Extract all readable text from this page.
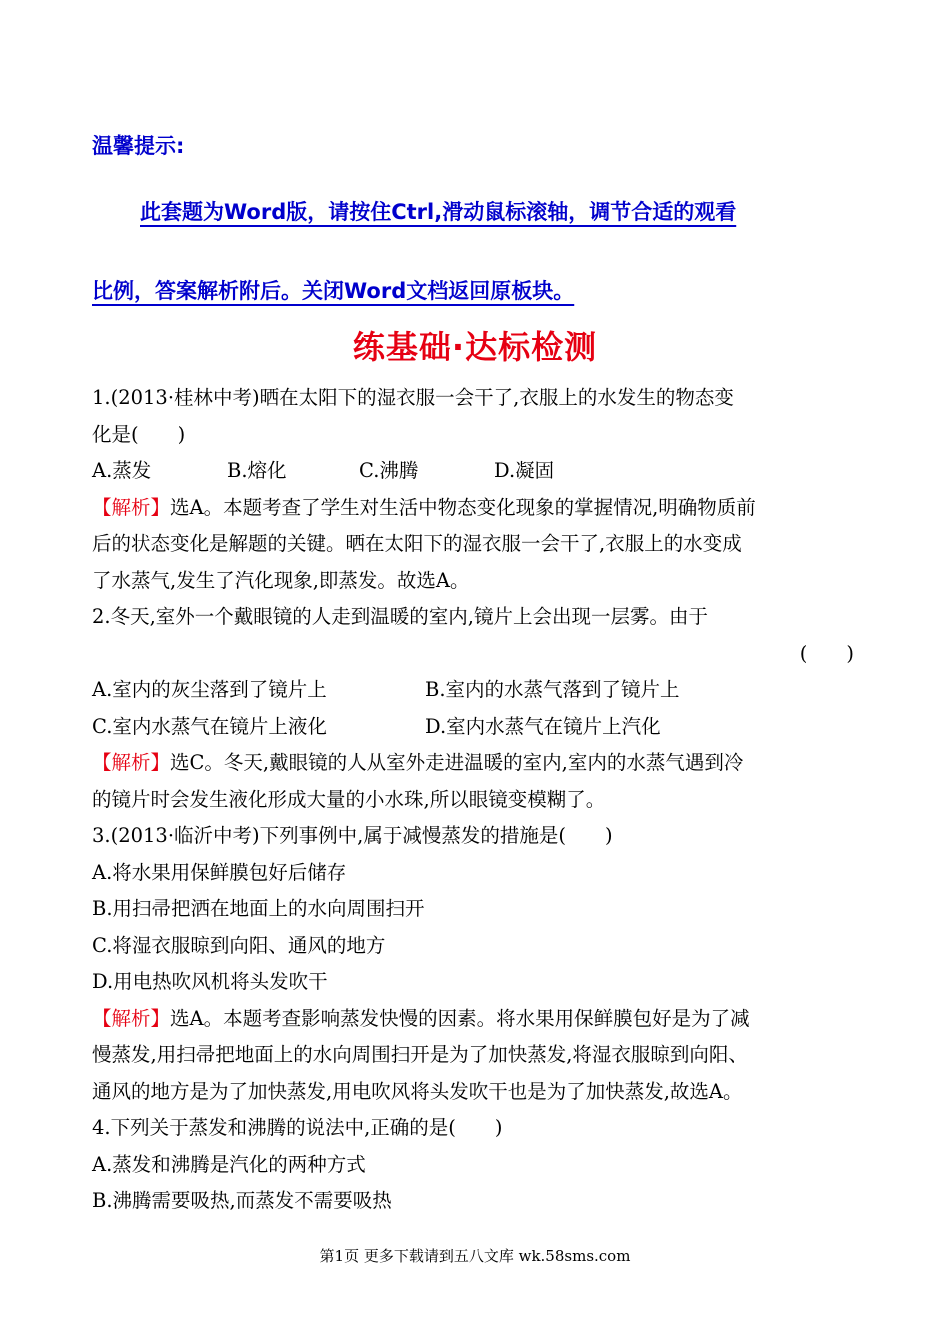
温馨提示:
此套题为Word版，请按住Ctrl,滑动鼠标滚轴，调节合适的观看
比例，答案解析附后。关闭Word文档返回原板块。
练基础·达标检测

1.(2013·桂林中考)晒在太阳下的湿衣服一会干了,衣服上的水发生的物态变

化是(　　)

A.蒸发	B.熔化	C.沸腾	D.凝固

【解析】选A。本题考查了学生对生活中物态变化现象的掌握情况,明确物质前

后的状态变化是解题的关键。晒在太阳下的湿衣服一会干了,衣服上的水变成

了水蒸气,发生了汽化现象,即蒸发。故选A。

2.冬天,室外一个戴眼镜的人走到温暖的室内,镜片上会出现一层雾。由于

(　　)

A.室内的灰尘落到了镜片上	B.室内的水蒸气落到了镜片上
C.室内水蒸气在镜片上液化	D.室内水蒸气在镜片上汽化

【解析】选C。冬天,戴眼镜的人从室外走进温暖的室内,室内的水蒸气遇到冷

的镜片时会发生液化形成大量的小水珠,所以眼镜变模糊了。

3.(2013·临沂中考)下列事例中,属于减慢蒸发的措施是(　　)

A.将水果用保鲜膜包好后储存

B.用扫帚把洒在地面上的水向周围扫开

C.将湿衣服晾到向阳、通风的地方

D.用电热吹风机将头发吹干

【解析】选A。本题考查影响蒸发快慢的因素。将水果用保鲜膜包好是为了减

慢蒸发,用扫帚把地面上的水向周围扫开是为了加快蒸发,将湿衣服晾到向阳、

通风的地方是为了加快蒸发,用电吹风将头发吹干也是为了加快蒸发,故选A。

4.下列关于蒸发和沸腾的说法中,正确的是(　　)

A.蒸发和沸腾是汽化的两种方式

B.沸腾需要吸热,而蒸发不需要吸热

第1页 更多下载请到五八文库 wk.58sms.com
